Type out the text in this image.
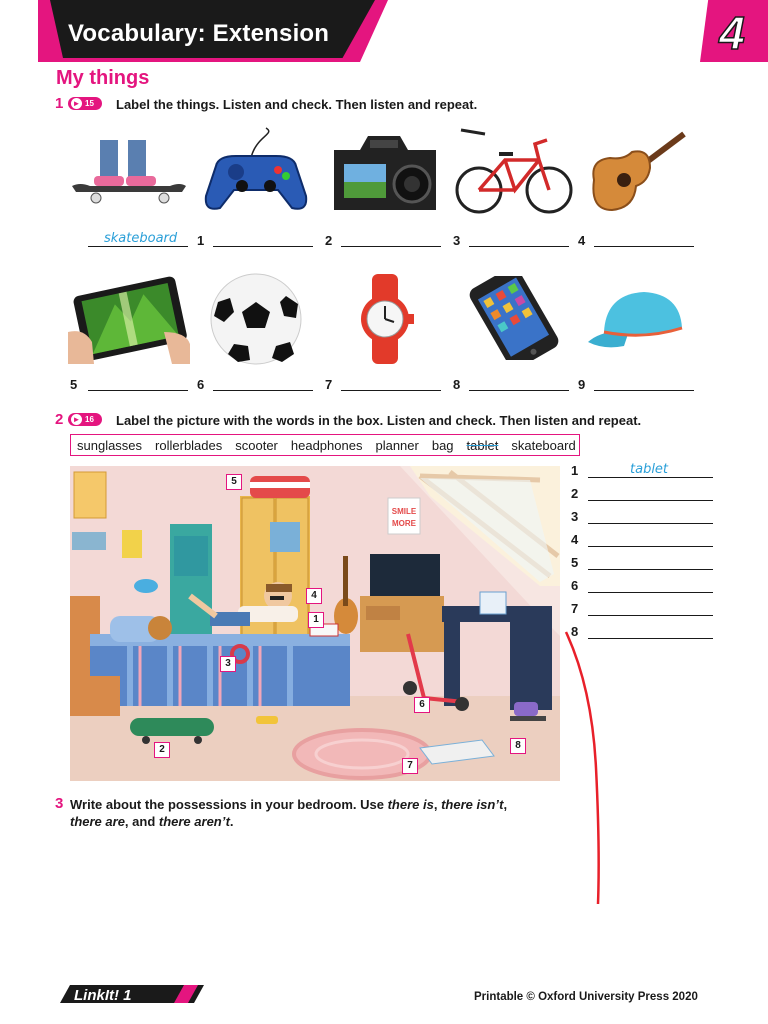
Vocabulary: Extension	4
My things
1 ► 15 Label the things. Listen and check. Then listen and repeat.
skateboard 1	2	3	4
5	6	7	8	9
2 ► 16 Label the picture with the words in the box. Listen and check. Then listen and repeat.
sunglasses rollerblades scooter headphones planner bag tablet skateboard
SMILE
MORE
5
4
1
3
6
8
2
7
1	tablet
2
3
4
5
6
7
8
3 Write about the possessions in your bedroom. Use there is, there isn’t,
there are, and there aren’t.
LinkIt! 1	Printable © Oxford University Press 2020
